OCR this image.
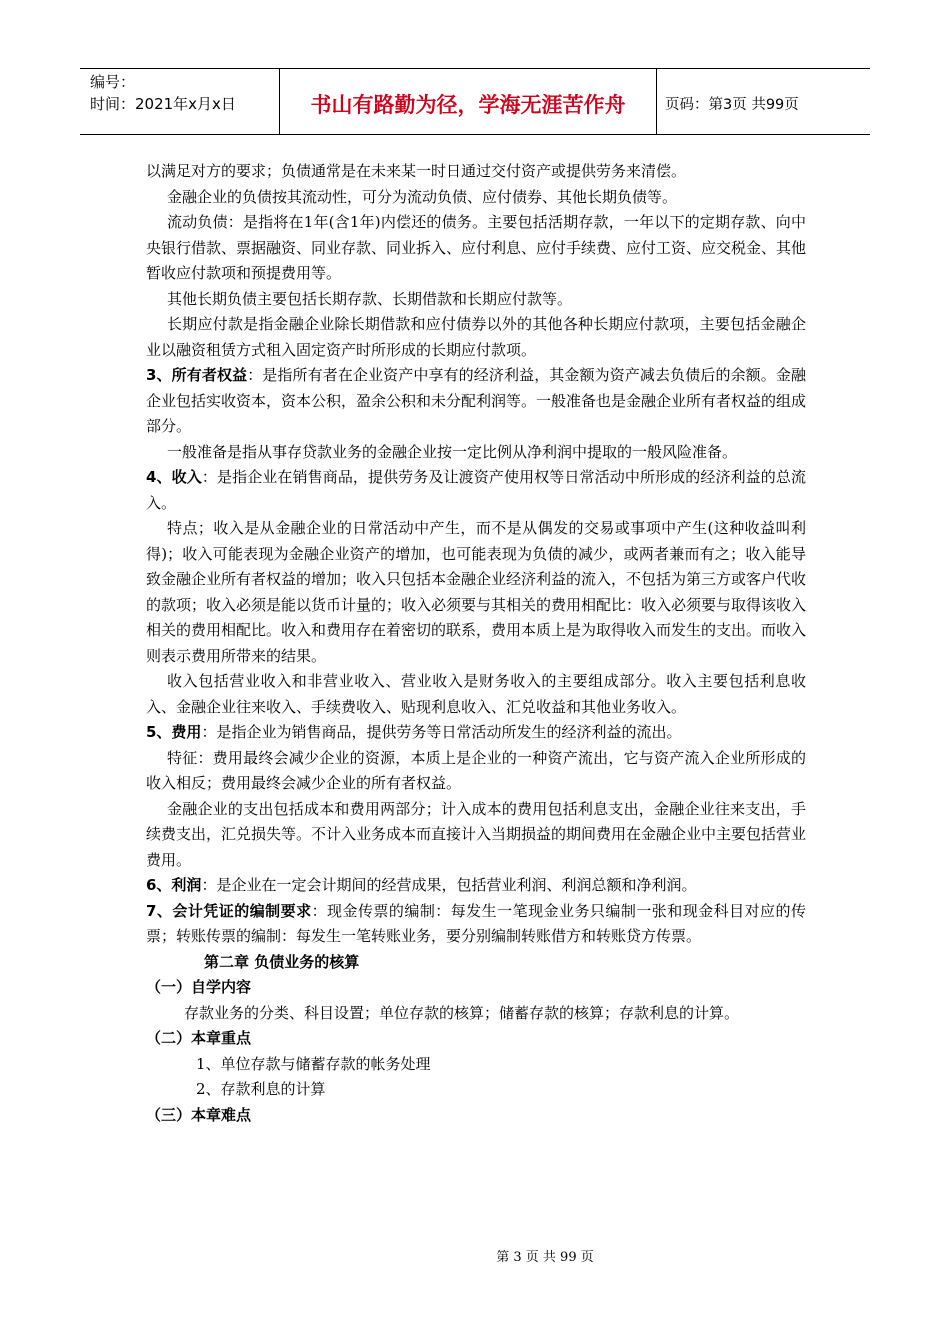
编号：
时间：2021年x月x日	书山有路勤为径，学海无涯苦作舟	页码：第3页 共99页

以满足对方的要求；负债通常是在未来某一时日通过交付资产或提供劳务来清偿。

金融企业的负债按其流动性，可分为流动负债、应付债券、其他长期负债等。

流动负债：是指将在1年(含1年)内偿还的债务。主要包括活期存款，一年以下的定期存款、向中央银行借款、票据融资、同业存款、同业拆入、应付利息、应付手续费、应付工资、应交税金、其他暂收应付款项和预提费用等。

其他长期负债主要包括长期存款、长期借款和长期应付款等。

长期应付款是指金融企业除长期借款和应付债券以外的其他各种长期应付款项，主要包括金融企业以融资租赁方式租入固定资产时所形成的长期应付款项。

3、所有者权益：是指所有者在企业资产中享有的经济利益，其金额为资产减去负债后的余额。金融企业包括实收资本，资本公积，盈余公积和未分配利润等。一般准备也是金融企业所有者权益的组成部分。

一般准备是指从事存贷款业务的金融企业按一定比例从净利润中提取的一般风险准备。

4、收入：是指企业在销售商品，提供劳务及让渡资产使用权等日常活动中所形成的经济利益的总流入。

特点；收入是从金融企业的日常活动中产生，而不是从偶发的交易或事项中产生(这种收益叫利得)；收入可能表现为金融企业资产的增加，也可能表现为负债的减少，或两者兼而有之；收入能导致金融企业所有者权益的增加；收入只包括本金融企业经济利益的流入，不包括为第三方或客户代收的款项；收入必须是能以货币计量的；收入必须要与其相关的费用相配比：收入必须要与取得该收入相关的费用相配比。收入和费用存在着密切的联系，费用本质上是为取得收入而发生的支出。而收入则表示费用所带来的结果。

收入包括营业收入和非营业收入、营业收入是财务收入的主要组成部分。收入主要包括利息收入、金融企业往来收入、手续费收入、贴现利息收入、汇兑收益和其他业务收入。

5、费用：是指企业为销售商品，提供劳务等日常活动所发生的经济利益的流出。

特征：费用最终会减少企业的资源，本质上是企业的一种资产流出，它与资产流入企业所形成的收入相反；费用最终会减少企业的所有者权益。

金融企业的支出包括成本和费用两部分；计入成本的费用包括利息支出，金融企业往来支出，手续费支出，汇兑损失等。不计入业务成本而直接计入当期损益的期间费用在金融企业中主要包括营业费用。

6、利润：是企业在一定会计期间的经营成果，包括营业利润、利润总额和净利润。

7、会计凭证的编制要求：现金传票的编制：每发生一笔现金业务只编制一张和现金科目对应的传票；转账传票的编制：每发生一笔转账业务，要分别编制转账借方和转账贷方传票。

第二章 负债业务的核算

（一）自学内容

存款业务的分类、科目设置；单位存款的核算；储蓄存款的核算；存款利息的计算。

（二）本章重点

1、单位存款与储蓄存款的帐务处理

2、存款利息的计算

（三）本章难点

第 3 页 共 99 页
